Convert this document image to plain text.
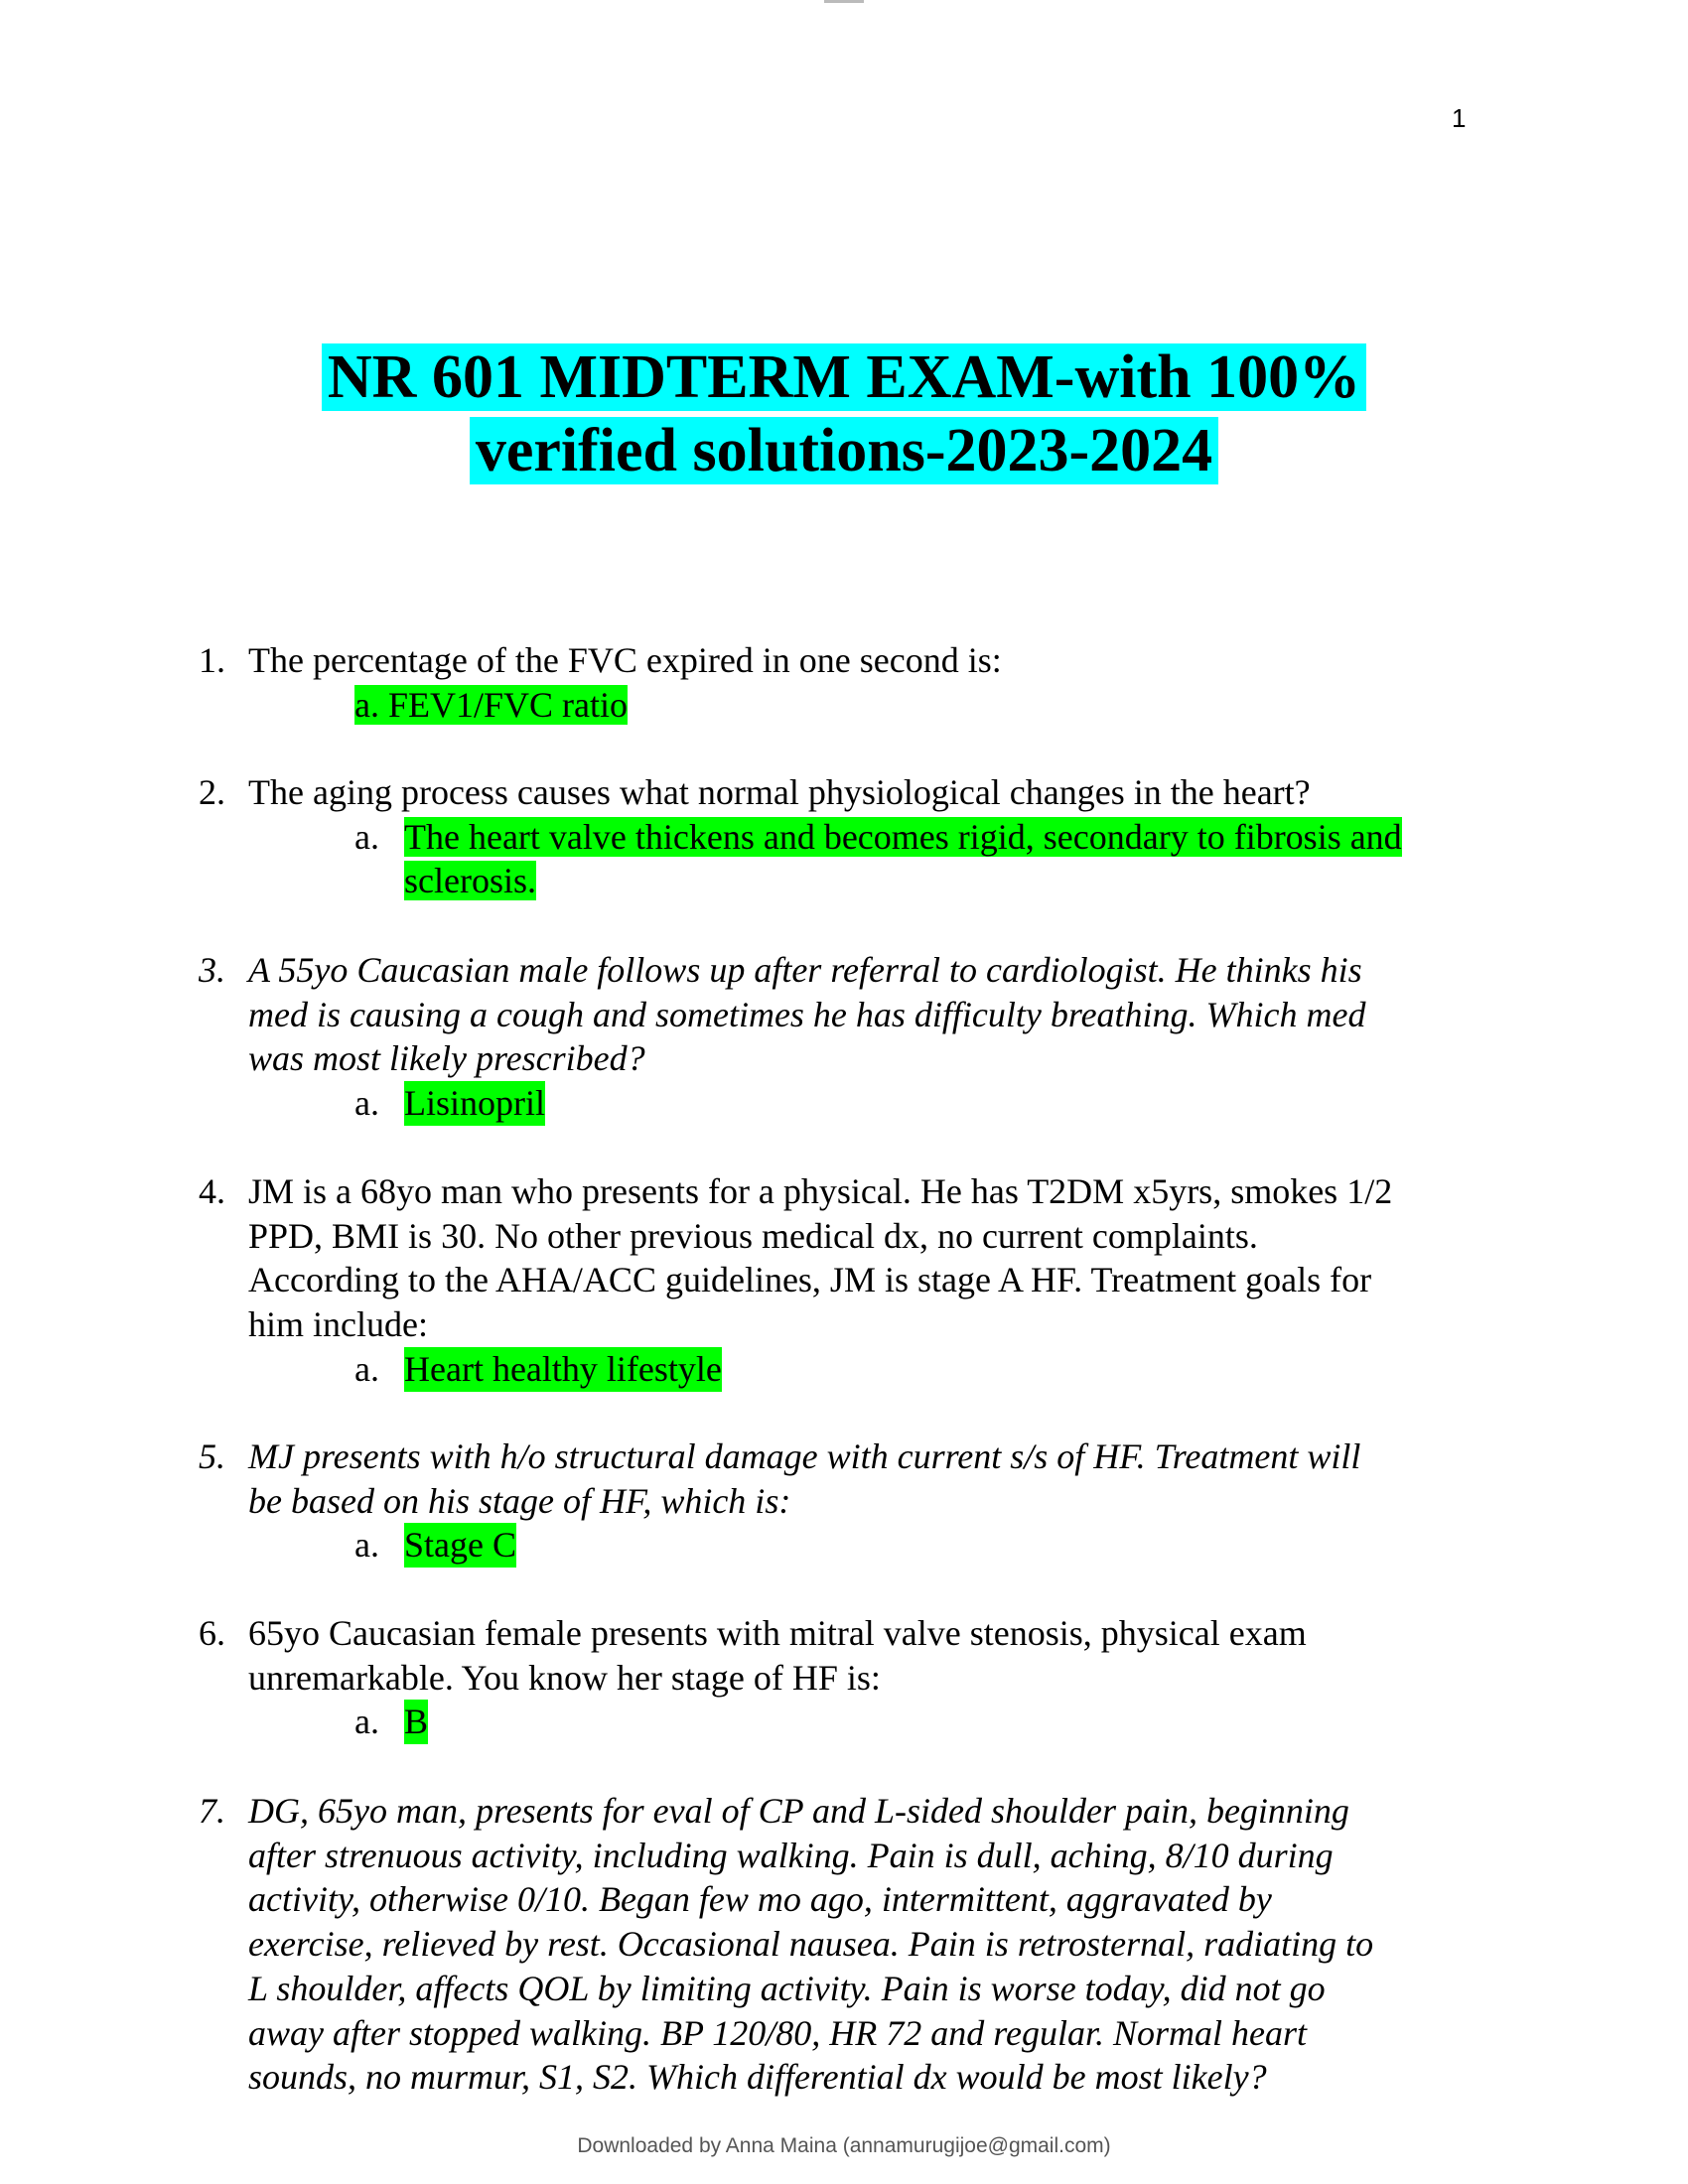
1
NR 601 MIDTERM EXAM-with 100%
verified solutions-2023-2024
1. The percentage of the FVC expired in one second is:
a. FEV1/FVC ratio
2. The aging process causes what normal physiological changes in the heart?
a. The heart valve thickens and becomes rigid, secondary to fibrosis and
sclerosis.
3. A 55yo Caucasian male follows up after referral to cardiologist. He thinks his
med is causing a cough and sometimes he has difficulty breathing. Which med
was most likely prescribed?
a. Lisinopril
4. JM is a 68yo man who presents for a physical. He has T2DM x5yrs, smokes 1/2
PPD, BMI is 30. No other previous medical dx, no current complaints.
According to the AHA/ACC guidelines, JM is stage A HF. Treatment goals for
him include:
a. Heart healthy lifestyle
5. MJ presents with h/o structural damage with current s/s of HF. Treatment will
be based on his stage of HF, which is:
a. Stage C
6. 65yo Caucasian female presents with mitral valve stenosis, physical exam
unremarkable. You know her stage of HF is:
a. B
7. DG, 65yo man, presents for eval of CP and L-sided shoulder pain, beginning
after strenuous activity, including walking. Pain is dull, aching, 8/10 during
activity, otherwise 0/10. Began few mo ago, intermittent, aggravated by
exercise, relieved by rest. Occasional nausea. Pain is retrosternal, radiating to
L shoulder, affects QOL by limiting activity. Pain is worse today, did not go
away after stopped walking. BP 120/80, HR 72 and regular. Normal heart
sounds, no murmur, S1, S2. Which differential dx would be most likely?
Downloaded by Anna Maina (annamurugijoe@gmail.com)
